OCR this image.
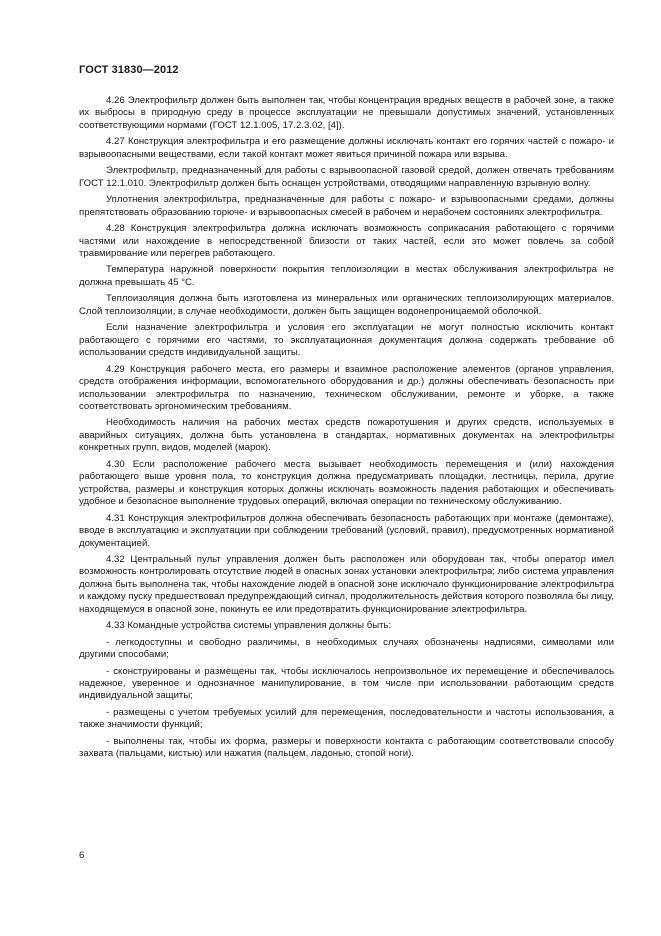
ГОСТ 31830—2012

4.26 Электрофильтр должен быть выполнен так, чтобы концентрация вредных веществ в рабочей зоне, а также их выбросы в природную среду в процессе эксплуатации не превышали допустимых значений, установленных соответствующими нормами (ГОСТ 12.1.005, 17.2.3.02, [4]).

4.27 Конструкция электрофильтра и его размещение должны исключать контакт его горячих частей с пожаро- и взрывоопасными веществами, если такой контакт может явиться причиной пожара или взрыва.

Электрофильтр, предназначенный для работы с взрывоопасной газовой средой, должен отвечать требованиям ГОСТ 12.1.010. Электрофильтр должен быть оснащен устройствами, отводящими направленную взрывную волну.

Уплотнения электрофильтра, предназначенные для работы с пожаро- и взрывоопасными средами, должны препятствовать образованию горюче- и взрывоопасных смесей в рабочем и нерабочем состояниях электрофильтра.

4.28 Конструкция электрофильтра должна исключать возможность соприкасания работающего с горячими частями или нахождение в непосредственной близости от таких частей, если это может повлечь за собой травмирование или перегрев работающего.

Температура наружной поверхности покрытия теплоизоляции в местах обслуживания электрофильтра не должна превышать 45 °С.

Теплоизоляция должна быть изготовлена из минеральных или органических теплоизолирующих материалов. Слой теплоизоляции, в случае необходимости, должен быть защищен водонепроницаемой оболочкой.

Если назначение электрофильтра и условия его эксплуатации не могут полностью исключить контакт работающего с горячими его частями, то эксплуатационная документация должна содержать требование об использовании средств индивидуальной защиты.

4.29 Конструкция рабочего места, его размеры и взаимное расположение элементов (органов управления, средств отображения информации, вспомогательного оборудования и др.) должны обеспечивать безопасность при использовании электрофильтра по назначению, техническом обслуживании, ремонте и уборке, а также соответствовать эргономическим требованиям.

Необходимость наличия на рабочих местах средств пожаротушения и других средств, используемых в аварийных ситуациях, должна быть установлена в стандартах, нормативных документах на электрофильтры конкретных групп, видов, моделей (марок).

4.30 Если расположение рабочего места вызывает необходимость перемещения и (или) нахождения работающего выше уровня пола, то конструкция должна предусматривать площадки, лестницы, перила, другие устройства, размеры и конструкция которых должны исключать возможность падения работающих и обеспечивать удобное и безопасное выполнение трудовых операций, включая операции по техническому обслуживанию.

4.31 Конструкция электрофильтров должна обеспечивать безопасность работающих при монтаже (демонтаже), вводе в эксплуатацию и эксплуатации при соблюдении требований (условий, правил), предусмотренных нормативной документацией.

4.32 Центральный пульт управления должен быть расположен или оборудован так, чтобы оператор имел возможность контролировать отсутствие людей в опасных зонах установки электрофильтра; либо система управления должна быть выполнена так, чтобы нахождение людей в опасной зоне исключало функционирование электрофильтра и каждому пуску предшествовал предупреждающий сигнал, продолжительность действия которого позволяла бы лицу, находящемуся в опасной зоне, покинуть ее или предотвратить функционирование электрофильтра.

4.33 Командные устройства системы управления должны быть:

- легкодоступны и свободно различимы, в необходимых случаях обозначены надписями, символами или другими способами;

- сконструированы и размещены так, чтобы исключалось непроизвольное их перемещение и обеспечивалось надежное, уверенное и однозначное манипулирование, в том числе при использовании работающим средств индивидуальной защиты;

- размещены с учетом требуемых усилий для перемещения, последовательности и частоты использования, а также значимости функций;

- выполнены так, чтобы их форма, размеры и поверхности контакта с работающим соответствовали способу захвата (пальцами, кистью) или нажатия (пальцем, ладонью, стопой ноги).

6
